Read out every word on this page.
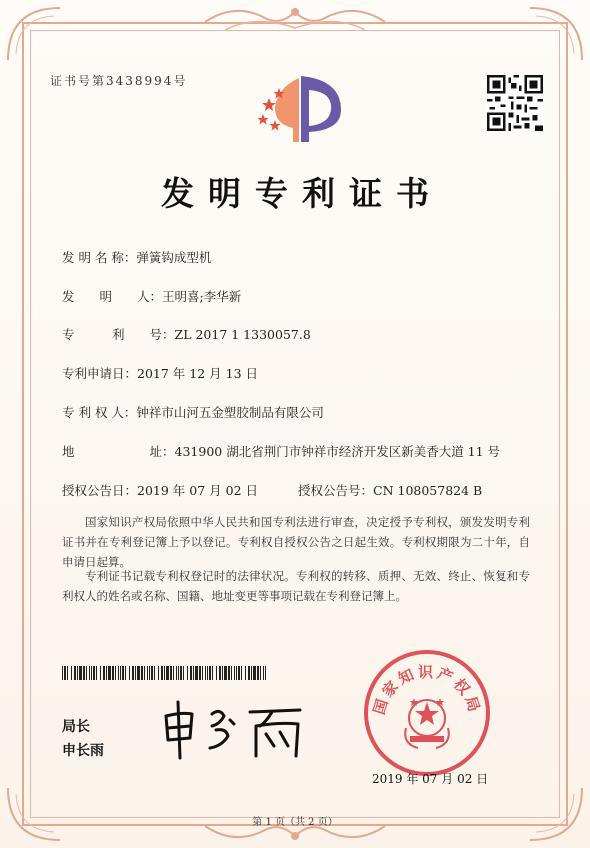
证书号第3438994号
发明专利证书
发 明 名 称：弹簧钩成型机
发　　明　　人：王明喜;李华新
专　　　利　　号：ZL 2017 1 1330057.8
专利申请日：2017 年 12 月 13 日
专 利 权 人：钟祥市山河五金塑胶制品有限公司
地　　　　　　址：431900 湖北省荆门市钟祥市经济开发区新美香大道 11 号
授权公告日：2019 年 07 月 02 日	授权公告号：CN 108057824 B
国家知识产权局依照中华人民共和国专利法进行审查，决定授予专利权，颁发发明专利证书并在专利登记簿上予以登记。专利权自授权公告之日起生效。专利权期限为二十年，自申请日起算。
专利证书记载专利权登记时的法律状况。专利权的转移、质押、无效、终止、恢复和专利权人的姓名或名称、国籍、地址变更等事项记载在专利登记簿上。
局长
申长雨
国家知识产权局
2019 年 07 月 02 日
第 1 页（共 2 页）
